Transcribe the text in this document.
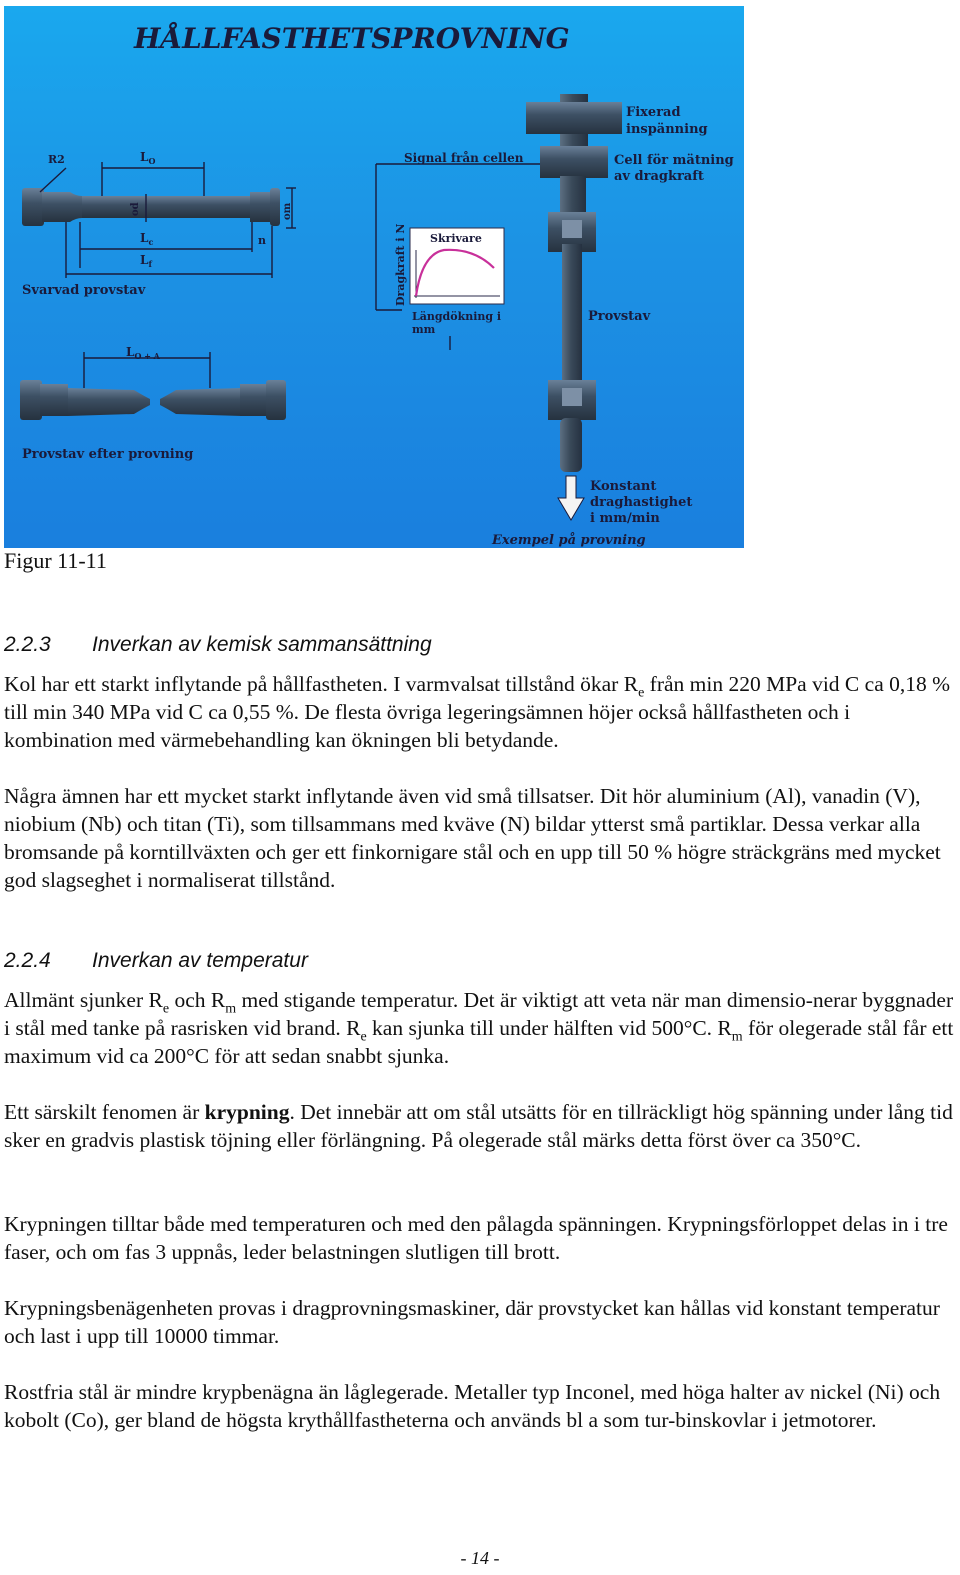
HÅLLFASTHETSPROVNING
R2	$L_O$
od	om
$L_c$	n
$L_f$
Svarvad provstav
$L_{O + A}$
Provstav efter provning
Signal från cellen
Skrivare
Dragkraft i N
Längdökning i
mm
Fixerad
inspänning
Cell för mätning
av dragkraft
Provstav
Konstant
draghastighet
i mm/min
Exempel på provning
Figur 11-11
2.2.3 Inverkan av kemisk sammansättning

Kol har ett starkt inflytande på hållfastheten. I varmvalsat tillstånd ökar $R_e$ från min 220 MPa vid C ca 0,18 % till min 340 MPa vid C ca 0,55 %. De flesta övriga legeringsämnen höjer också hållfastheten och i kombination med värmebehandling kan ökningen bli betydande.

Några ämnen har ett mycket starkt inflytande även vid små tillsatser. Dit hör aluminium (Al), vanadin (V), niobium (Nb) och titan (Ti), som tillsammans med kväve (N) bildar ytterst små partiklar. Dessa verkar alla bromsande på korntillväxten och ger ett finkornigare stål och en upp till 50 % högre sträckgräns med mycket god slagseghet i normaliserat tillstånd.

2.2.4 Inverkan av temperatur

Allmänt sjunker $R_e$ och $R_m$ med stigande temperatur. Det är viktigt att veta när man dimensio-nerar byggnader i stål med tanke på rasrisken vid brand. $R_e$ kan sjunka till under hälften vid 500°C. $R_m$ för olegerade stål får ett maximum vid ca 200°C för att sedan snabbt sjunka.

Ett särskilt fenomen är krypning. Det innebär att om stål utsätts för en tillräckligt hög spänning under lång tid sker en gradvis plastisk töjning eller förlängning. På olegerade stål märks detta först över ca 350°C.

Krypningen tilltar både med temperaturen och med den pålagda spänningen. Krypningsförloppet delas in i tre faser, och om fas 3 uppnås, leder belastningen slutligen till brott.

Krypningsbenägenheten provas i dragprovningsmaskiner, där provstycket kan hållas vid konstant temperatur och last i upp till 10000 timmar.

Rostfria stål är mindre krypbenägna än låglegerade. Metaller typ Inconel, med höga halter av nickel (Ni) och kobolt (Co), ger bland de högsta krythållfastheterna och används bl a som tur-binskovlar i jetmotorer.

- 14 -
